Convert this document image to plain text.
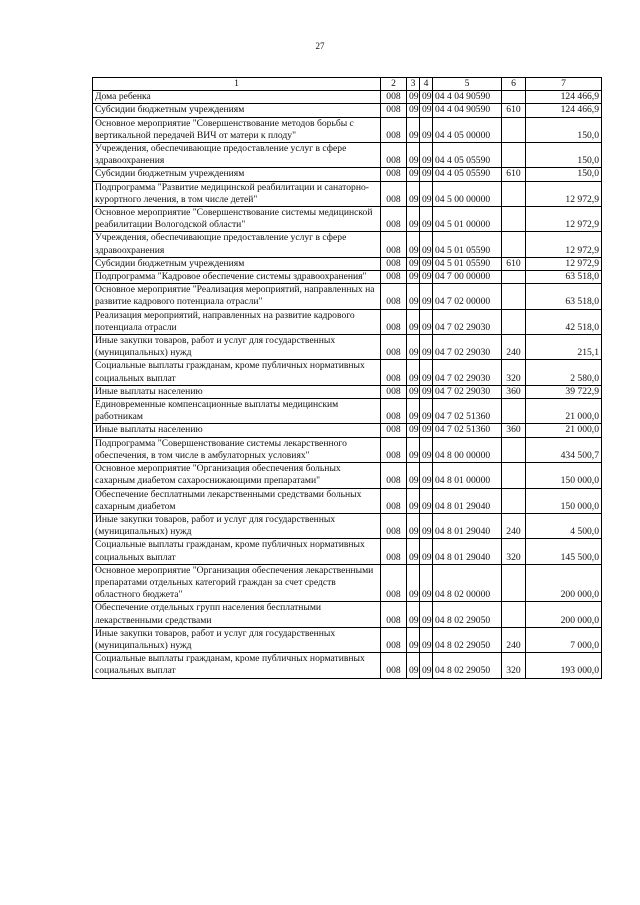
27
1	2	3	4	5	6	7
Дома ребенка	008	09	09	04 4 04 90590		124 466,9
Субсидии бюджетным учреждениям	008	09	09	04 4 04 90590	610	124 466,9
Основное мероприятие "Совершенствование методов борьбы с вертикальной передачей ВИЧ от матери к плоду"	008	09	09	04 4 05 00000		150,0
Учреждения, обеспечивающие предоставление услуг в сфере здравоохранения	008	09	09	04 4 05 05590		150,0
Субсидии бюджетным учреждениям	008	09	09	04 4 05 05590	610	150,0
Подпрограмма "Развитие медицинской реабилитации и санаторно-курортного лечения, в том числе детей"	008	09	09	04 5 00 00000		12 972,9
Основное мероприятие "Совершенствование системы медицинской реабилитации Вологодской области"	008	09	09	04 5 01 00000		12 972,9
Учреждения, обеспечивающие предоставление услуг в сфере здравоохранения	008	09	09	04 5 01 05590		12 972,9
Субсидии бюджетным учреждениям	008	09	09	04 5 01 05590	610	12 972,9
Подпрограмма "Кадровое обеспечение системы здравоохранения"	008	09	09	04 7 00 00000		63 518,0
Основное мероприятие "Реализация мероприятий, направленных на развитие кадрового потенциала отрасли"	008	09	09	04 7 02 00000		63 518,0
Реализация мероприятий, направленных на развитие кадрового потенциала отрасли	008	09	09	04 7 02 29030		42 518,0
Иные закупки товаров, работ и услуг для государственных (муниципальных) нужд	008	09	09	04 7 02 29030	240	215,1
Социальные выплаты гражданам, кроме публичных нормативных социальных выплат	008	09	09	04 7 02 29030	320	2 580,0
Иные выплаты населению	008	09	09	04 7 02 29030	360	39 722,9
Единовременные компенсационные выплаты медицинским работникам	008	09	09	04 7 02 51360		21 000,0
Иные выплаты населению	008	09	09	04 7 02 51360	360	21 000,0
Подпрограмма "Совершенствование системы лекарственного обеспечения, в том числе в амбулаторных условиях"	008	09	09	04 8 00 00000		434 500,7
Основное мероприятие "Организация обеспечения больных сахарным диабетом сахароснижающими препаратами"	008	09	09	04 8 01 00000		150 000,0
Обеспечение бесплатными лекарственными средствами больных сахарным диабетом	008	09	09	04 8 01 29040		150 000,0
Иные закупки товаров, работ и услуг для государственных (муниципальных) нужд	008	09	09	04 8 01 29040	240	4 500,0
Социальные выплаты гражданам, кроме публичных нормативных социальных выплат	008	09	09	04 8 01 29040	320	145 500,0
Основное мероприятие "Организация обеспечения лекарственными препаратами отдельных категорий граждан за счет средств областного бюджета"	008	09	09	04 8 02 00000		200 000,0
Обеспечение отдельных групп населения бесплатными лекарственными средствами	008	09	09	04 8 02 29050		200 000,0
Иные закупки товаров, работ и услуг для государственных (муниципальных) нужд	008	09	09	04 8 02 29050	240	7 000,0
Социальные выплаты гражданам, кроме публичных нормативных социальных выплат	008	09	09	04 8 02 29050	320	193 000,0
